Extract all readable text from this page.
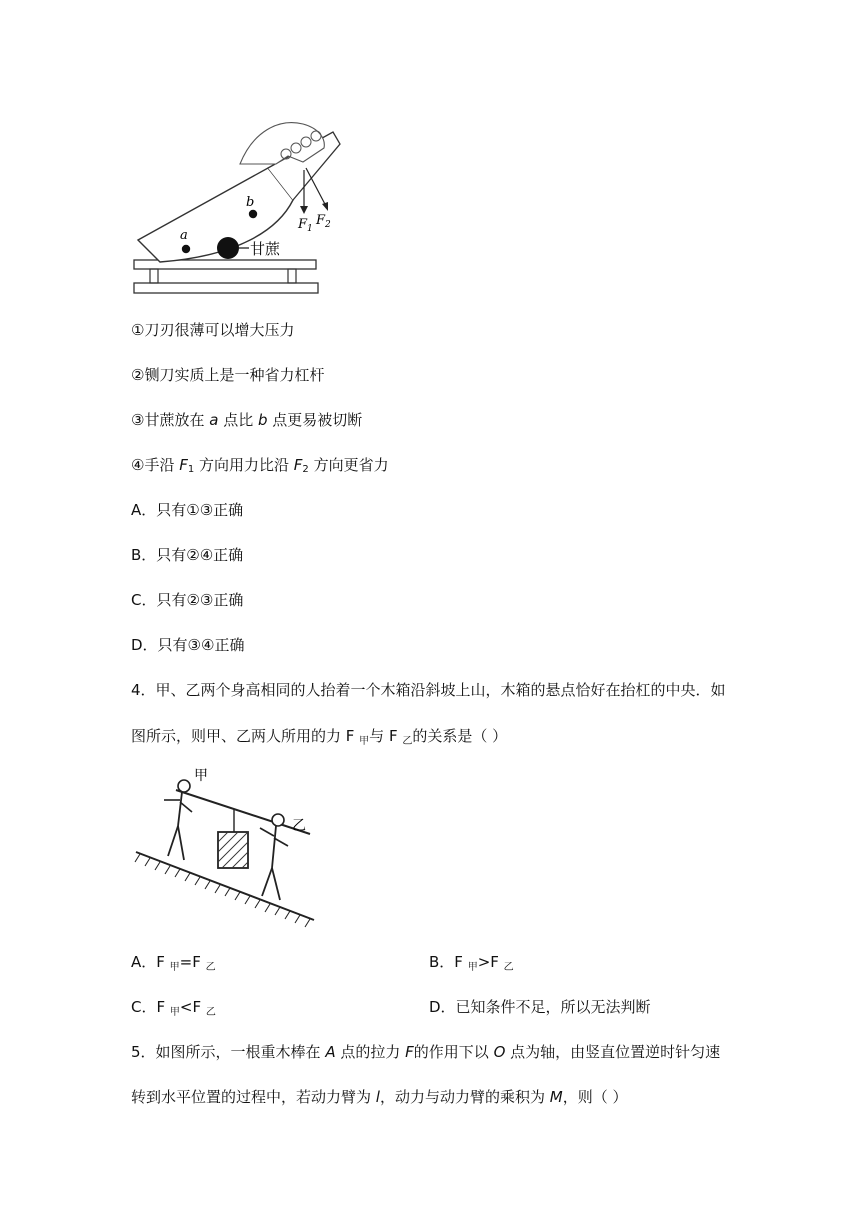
a
b
甘蔗
$F_1$
$F_2$
①刀刃很薄可以增大压力
②铡刀实质上是一种省力杠杆
③甘蔗放在 a 点比 b 点更易被切断
④手沿 $F_1$ 方向用力比沿 $F_2$ 方向更省力
A．只有①③正确
B．只有②④正确
C．只有②③正确
D．只有③④正确
4．甲、乙两个身高相同的人抬着一个木箱沿斜坡上山，木箱的悬点恰好在抬杠的中央．如
图所示，则甲、乙两人所用的力 F $_甲$与 F $_乙$的关系是（ ）
甲
乙
A．F $_甲$=F $_乙$	B．F $_甲$>F $_乙$
C．F $_甲$<F $_乙$	D．已知条件不足，所以无法判断
5．如图所示，一根重木棒在 A 点的拉力 F的作用下以 O 点为轴，由竖直位置逆时针匀速
转到水平位置的过程中，若动力臂为 l，动力与动力臂的乘积为 M，则（ ）
